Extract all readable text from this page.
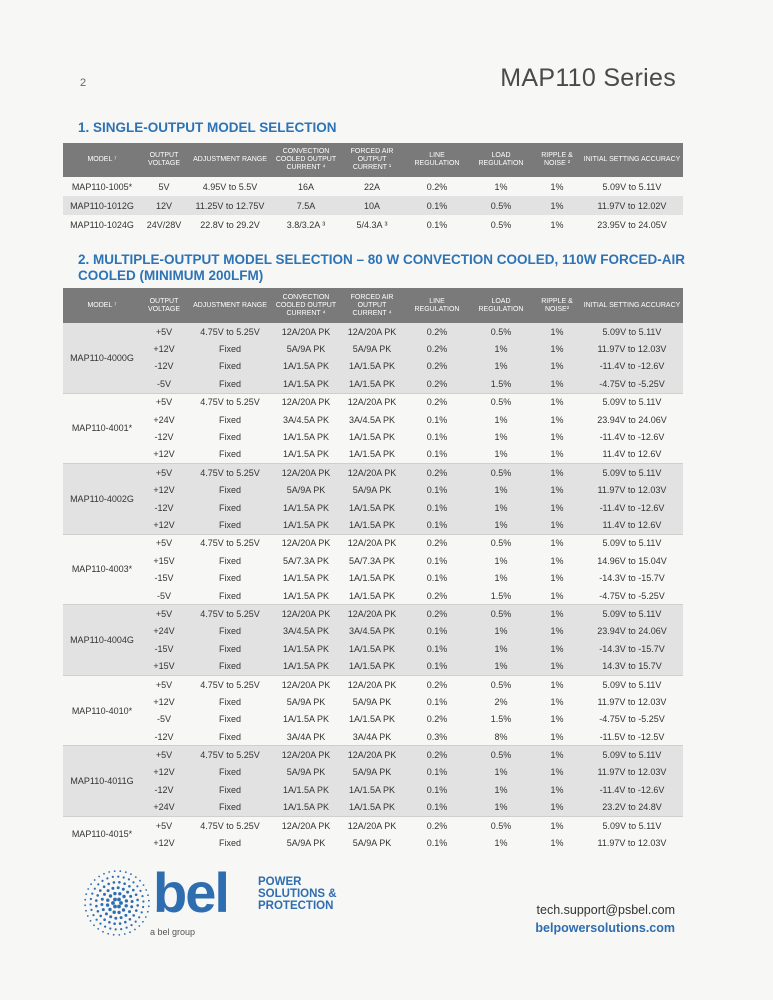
2	MAP110 Series
1. SINGLE-OUTPUT MODEL SELECTION
MODEL ⁷	OUTPUT VOLTAGE	ADJUSTMENT RANGE	CONVECTION COOLED OUTPUT CURRENT ⁴	FORCED AIR OUTPUT CURRENT ¹	LINE REGULATION	LOAD REGULATION	RIPPLE & NOISE ²	INITIAL SETTING ACCURACY
MAP110-1005*	5V	4.95V to 5.5V	16A	22A	0.2%	1%	1%	5.09V to 5.11V
MAP110-1012G	12V	11.25V to 12.75V	7.5A	10A	0.1%	0.5%	1%	11.97V to 12.02V
MAP110-1024G	24V/28V	22.8V to 29.2V	3.8/3.2A ³	5/4.3A ³	0.1%	0.5%	1%	23.95V to 24.05V
2. MULTIPLE-OUTPUT MODEL SELECTION – 80 W CONVECTION COOLED, 110W FORCED-AIR COOLED (MINIMUM 200LFM)
MODEL ⁷	OUTPUT VOLTAGE	ADJUSTMENT RANGE	CONVECTION COOLED OUTPUT CURRENT ⁴	FORCED AIR OUTPUT CURRENT ⁴	LINE REGULATION	LOAD REGULATION	RIPPLE & NOISE²	INITIAL SETTING ACCURACY
MAP110-4000G	+5V	4.75V to 5.25V	12A/20A PK	12A/20A PK	0.2%	0.5%	1%	5.09V to 5.11V
	+12V	Fixed	5A/9A PK	5A/9A PK	0.2%	1%	1%	11.97V to 12.03V
	-12V	Fixed	1A/1.5A PK	1A/1.5A PK	0.2%	1%	1%	-11.4V to -12.6V
	-5V	Fixed	1A/1.5A PK	1A/1.5A PK	0.2%	1.5%	1%	-4.75V to -5.25V
MAP110-4001*	+5V	4.75V to 5.25V	12A/20A PK	12A/20A PK	0.2%	0.5%	1%	5.09V to 5.11V
	+24V	Fixed	3A/4.5A PK	3A/4.5A PK	0.1%	1%	1%	23.94V to 24.06V
	-12V	Fixed	1A/1.5A PK	1A/1.5A PK	0.1%	1%	1%	-11.4V to -12.6V
	+12V	Fixed	1A/1.5A PK	1A/1.5A PK	0.1%	1%	1%	11.4V to 12.6V
MAP110-4002G	+5V	4.75V to 5.25V	12A/20A PK	12A/20A PK	0.2%	0.5%	1%	5.09V to 5.11V
	+12V	Fixed	5A/9A PK	5A/9A PK	0.1%	1%	1%	11.97V to 12.03V
	-12V	Fixed	1A/1.5A PK	1A/1.5A PK	0.1%	1%	1%	-11.4V to -12.6V
	+12V	Fixed	1A/1.5A PK	1A/1.5A PK	0.1%	1%	1%	11.4V to 12.6V
MAP110-4003*	+5V	4.75V to 5.25V	12A/20A PK	12A/20A PK	0.2%	0.5%	1%	5.09V to 5.11V
	+15V	Fixed	5A/7.3A PK	5A/7.3A PK	0.1%	1%	1%	14.96V to 15.04V
	-15V	Fixed	1A/1.5A PK	1A/1.5A PK	0.1%	1%	1%	-14.3V to -15.7V
	-5V	Fixed	1A/1.5A PK	1A/1.5A PK	0.2%	1.5%	1%	-4.75V to -5.25V
MAP110-4004G	+5V	4.75V to 5.25V	12A/20A PK	12A/20A PK	0.2%	0.5%	1%	5.09V to 5.11V
	+24V	Fixed	3A/4.5A PK	3A/4.5A PK	0.1%	1%	1%	23.94V to 24.06V
	-15V	Fixed	1A/1.5A PK	1A/1.5A PK	0.1%	1%	1%	-14.3V to -15.7V
	+15V	Fixed	1A/1.5A PK	1A/1.5A PK	0.1%	1%	1%	14.3V to 15.7V
MAP110-4010*	+5V	4.75V to 5.25V	12A/20A PK	12A/20A PK	0.2%	0.5%	1%	5.09V to 5.11V
	+12V	Fixed	5A/9A PK	5A/9A PK	0.1%	2%	1%	11.97V to 12.03V
	-5V	Fixed	1A/1.5A PK	1A/1.5A PK	0.2%	1.5%	1%	-4.75V to -5.25V
	-12V	Fixed	3A/4A PK	3A/4A PK	0.3%	8%	1%	-11.5V to -12.5V
MAP110-4011G	+5V	4.75V to 5.25V	12A/20A PK	12A/20A PK	0.2%	0.5%	1%	5.09V to 5.11V
	+12V	Fixed	5A/9A PK	5A/9A PK	0.1%	1%	1%	11.97V to 12.03V
	-12V	Fixed	1A/1.5A PK	1A/1.5A PK	0.1%	1%	1%	-11.4V to -12.6V
	+24V	Fixed	1A/1.5A PK	1A/1.5A PK	0.1%	1%	1%	23.2V to 24.8V
MAP110-4015*	+5V	4.75V to 5.25V	12A/20A PK	12A/20A PK	0.2%	0.5%	1%	5.09V to 5.11V
	+12V	Fixed	5A/9A PK	5A/9A PK	0.1%	1%	1%	11.97V to 12.03V
bel	POWER
SOLUTIONS &
PROTECTION
a bel group
tech.support@psbel.com
belpowersolutions.com
